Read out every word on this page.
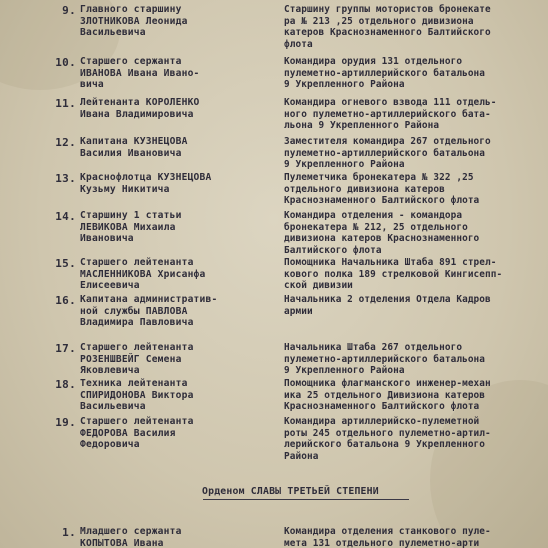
9. Главного старшину
ЗЛОТНИКОВА Леонида
Васильевича
Старшину группы мотористов бронекате
ра № 213 ,25 отдельного дивизиона
катеров Краснознаменного Балтийского
флота
10. Старшего сержанта
ИВАНОВА Ивана Ивано-
вича
Командира орудия 131 отдельного
пулеметно-артиллерийского батальона
9 Укрепленного Района
11. Лейтенанта КОРОЛЕНКО
Ивана Владимировича
Командира огневого взвода 111 отдель-
ного пулеметно-артиллерийского бата-
льона 9 Укрепленного Района
12. Капитана КУЗНЕЦОВА
Василия Ивановича
Заместителя командира 267 отдельного
пулеметно-артиллерийского батальона
9 Укрепленного Района
13. Краснофлотца КУЗНЕЦОВА
Кузьму Никитича
Пулеметчика бронекатера № 322 ,25
отдельного дивизиона катеров
Краснознаменного Балтийского флота
14. Старшину 1 статьи
ЛЕВИКОВА Михаила
Ивановича
Командира отделения - командора
бронекатера № 212, 25 отдельного
дивизиона катеров Краснознаменного
Балтийского флота
15. Старшего лейтенанта
МАСЛЕННИКОВА Хрисанфа
Елисеевича
Помощника Начальника Штаба 891 стрел-
кового полка 189 стрелковой Кингисепп-
ской дивизии
16. Капитана административ-
ной службы ПАВЛОВА
Владимира Павловича
Начальника 2 отделения Отдела Кадров
армии
17. Старшего лейтенанта
РОЗЕНШВЕЙГ Семена
Яковлевича
Начальника Штаба 267 отдельного
пулеметно-артиллерийского батальона
9 Укрепленного Района
18. Техника лейтенанта
СПИРИДОНОВА Виктора
Васильевича
Помощника флагманского инженер-механ
ика 25 отдельного Дивизиона катеров
Краснознаменного Балтийского флота
19. Старшего лейтенанта
ФЕДОРОВА Василия
Федоровича
Командира артиллерийско-пулеметной
роты 245 отдельного пулеметно-артил-
лерийского батальона 9 Укрепленного
Района
Орденом СЛАВЫ ТРЕТЬЕЙ СТЕПЕНИ
1. Младшего сержанта
КОПЫТОВА Ивана
Командира отделения станкового пуле-
мета 131 отдельного пулеметно-арти
